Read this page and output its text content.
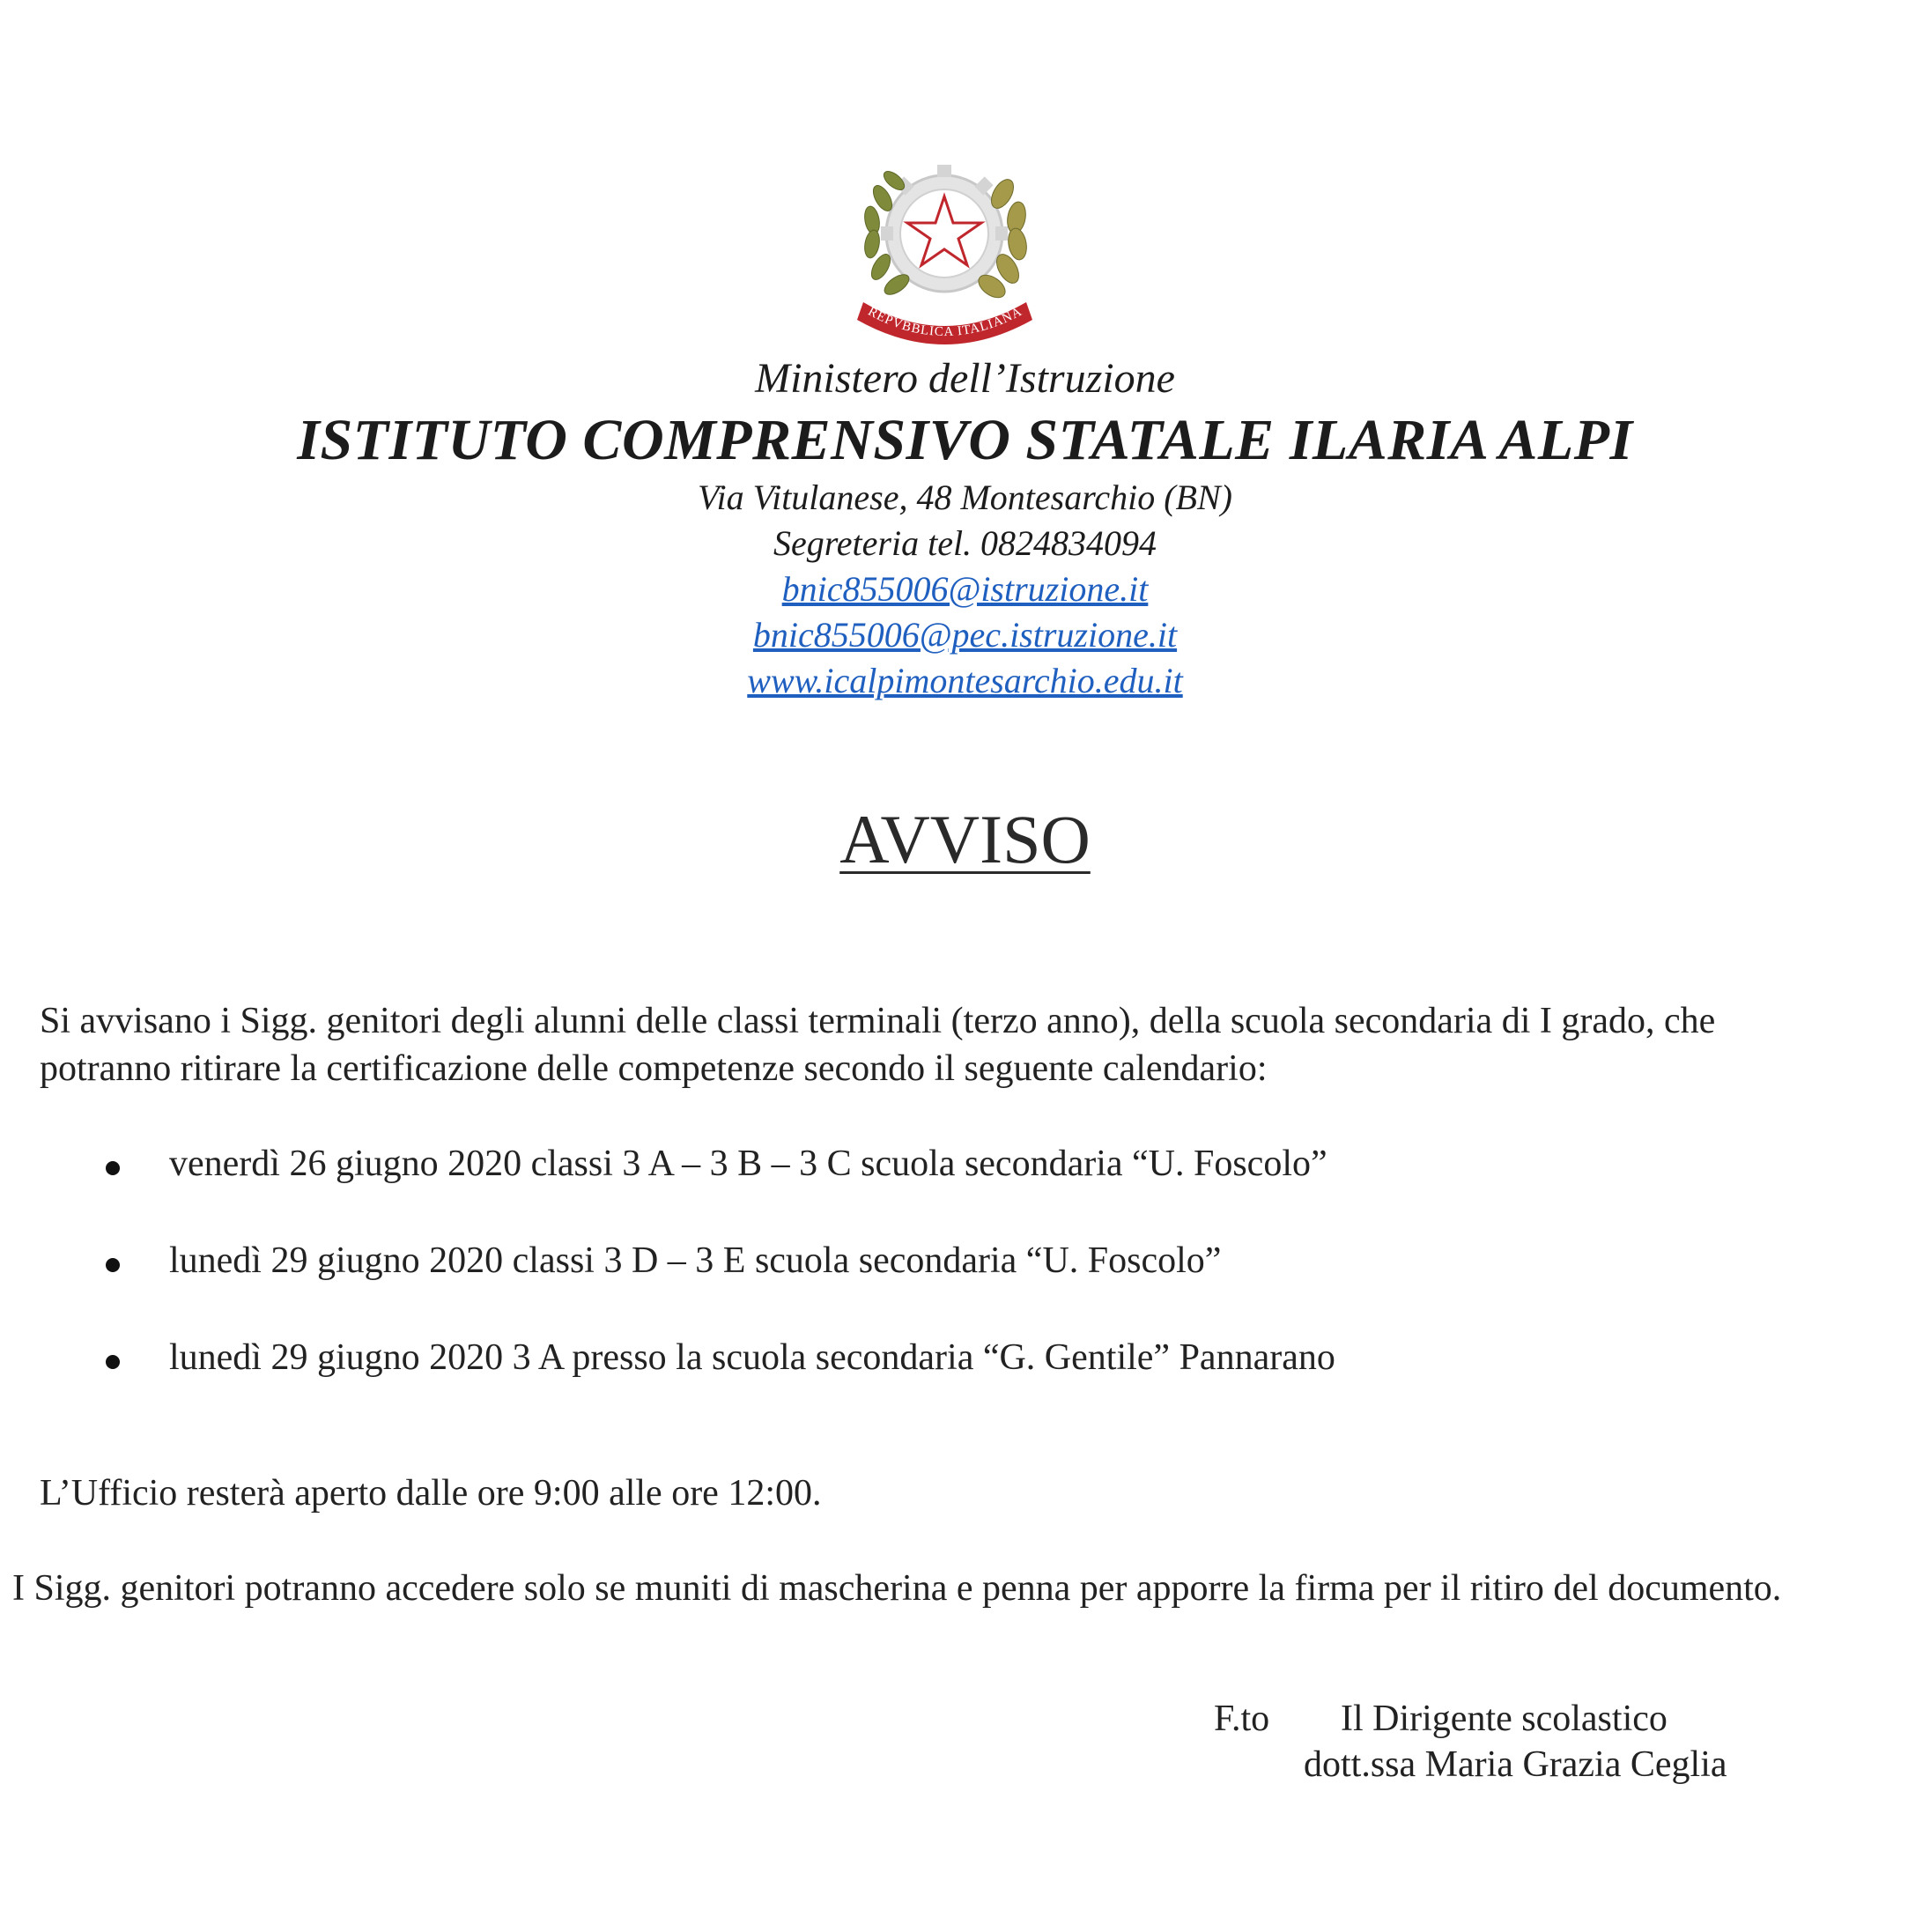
REPVBBLICA ITALIANA
Ministero dell’Istruzione
ISTITUTO COMPRENSIVO STATALE ILARIA ALPI
Via Vitulanese, 48 Montesarchio (BN)
Segreteria tel. 0824834094
bnic855006@istruzione.it
bnic855006@pec.istruzione.it
www.icalpimontesarchio.edu.it
AVVISO
Si avvisano i Sigg. genitori degli alunni delle classi terminali (terzo anno), della scuola secondaria di I grado, che
potranno ritirare la certificazione delle competenze secondo il seguente calendario:
venerdì 26 giugno 2020 classi 3 A – 3 B – 3 C scuola secondaria “U. Foscolo”
lunedì 29 giugno 2020 classi 3 D – 3 E scuola secondaria “U. Foscolo”
lunedì 29 giugno 2020 3 A presso la scuola secondaria “G. Gentile” Pannarano
L’Ufficio resterà aperto dalle ore 9:00 alle ore 12:00.
I Sigg. genitori potranno accedere solo se muniti di mascherina e penna per apporre la firma per il ritiro del documento.
F.to Il Dirigente scolastico
dott.ssa Maria Grazia Ceglia
